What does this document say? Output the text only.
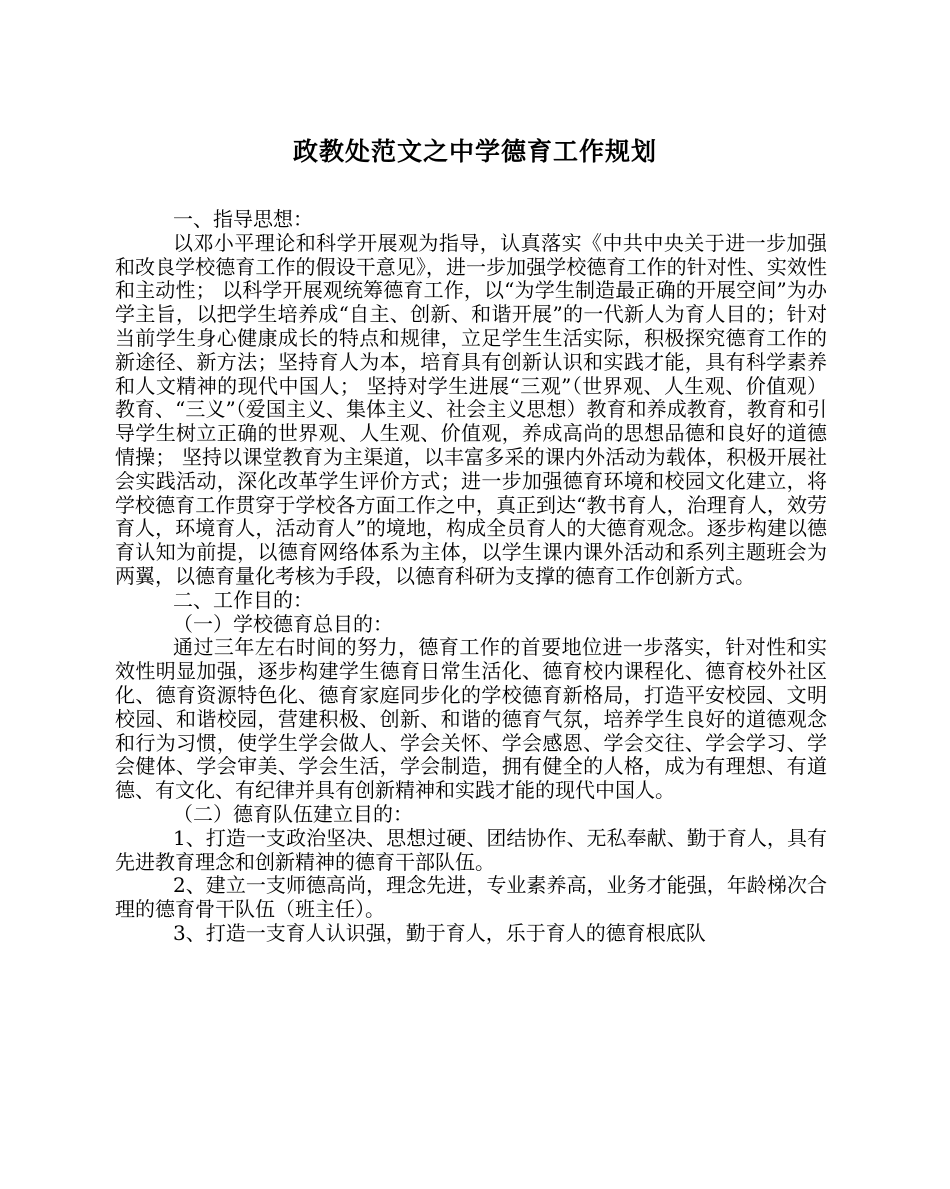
政教处范文之中学德育工作规划

一、指导思想：

以邓小平理论和科学开展观为指导，认真落实《中共中央关于进一步加强和改良学校德育工作的假设干意见》，进一步加强学校德育工作的针对性、实效性和主动性； 以科学开展观统筹德育工作，以“为学生制造最正确的开展空间”为办学主旨，以把学生培养成“自主、创新、和谐开展”的一代新人为育人目的；针对当前学生身心健康成长的特点和规律，立足学生生活实际，积极探究德育工作的新途径、新方法；坚持育人为本，培育具有创新认识和实践才能，具有科学素养和人文精神的现代中国人； 坚持对学生进展“三观”（世界观、人生观、价值观）教育、“三义”（爱国主义、集体主义、社会主义思想）教育和养成教育，教育和引导学生树立正确的世界观、人生观、价值观，养成高尚的思想品德和良好的道德情操； 坚持以课堂教育为主渠道，以丰富多采的课内外活动为载体，积极开展社会实践活动，深化改革学生评价方式；进一步加强德育环境和校园文化建立，将学校德育工作贯穿于学校各方面工作之中，真正到达“教书育人，治理育人，效劳育人，环境育人，活动育人”的境地，构成全员育人的大德育观念。逐步构建以德育认知为前提，以德育网络体系为主体，以学生课内课外活动和系列主题班会为两翼，以德育量化考核为手段，以德育科研为支撑的德育工作创新方式。

二、工作目的：

（一）学校德育总目的：

通过三年左右时间的努力，德育工作的首要地位进一步落实，针对性和实效性明显加强，逐步构建学生德育日常生活化、德育校内课程化、德育校外社区化、德育资源特色化、德育家庭同步化的学校德育新格局，打造平安校园、文明校园、和谐校园，营建积极、创新、和谐的德育气氛，培养学生良好的道德观念和行为习惯，使学生学会做人、学会关怀、学会感恩、学会交往、学会学习、学会健体、学会审美、学会生活，学会制造，拥有健全的人格，成为有理想、有道德、有文化、有纪律并具有创新精神和实践才能的现代中国人。

（二）德育队伍建立目的：

1、打造一支政治坚决、思想过硬、团结协作、无私奉献、勤于育人，具有先进教育理念和创新精神的德育干部队伍。

2、建立一支师德高尚，理念先进，专业素养高，业务才能强，年龄梯次合理的德育骨干队伍（班主任）。

3、打造一支育人认识强，勤于育人，乐于育人的德育根底队
